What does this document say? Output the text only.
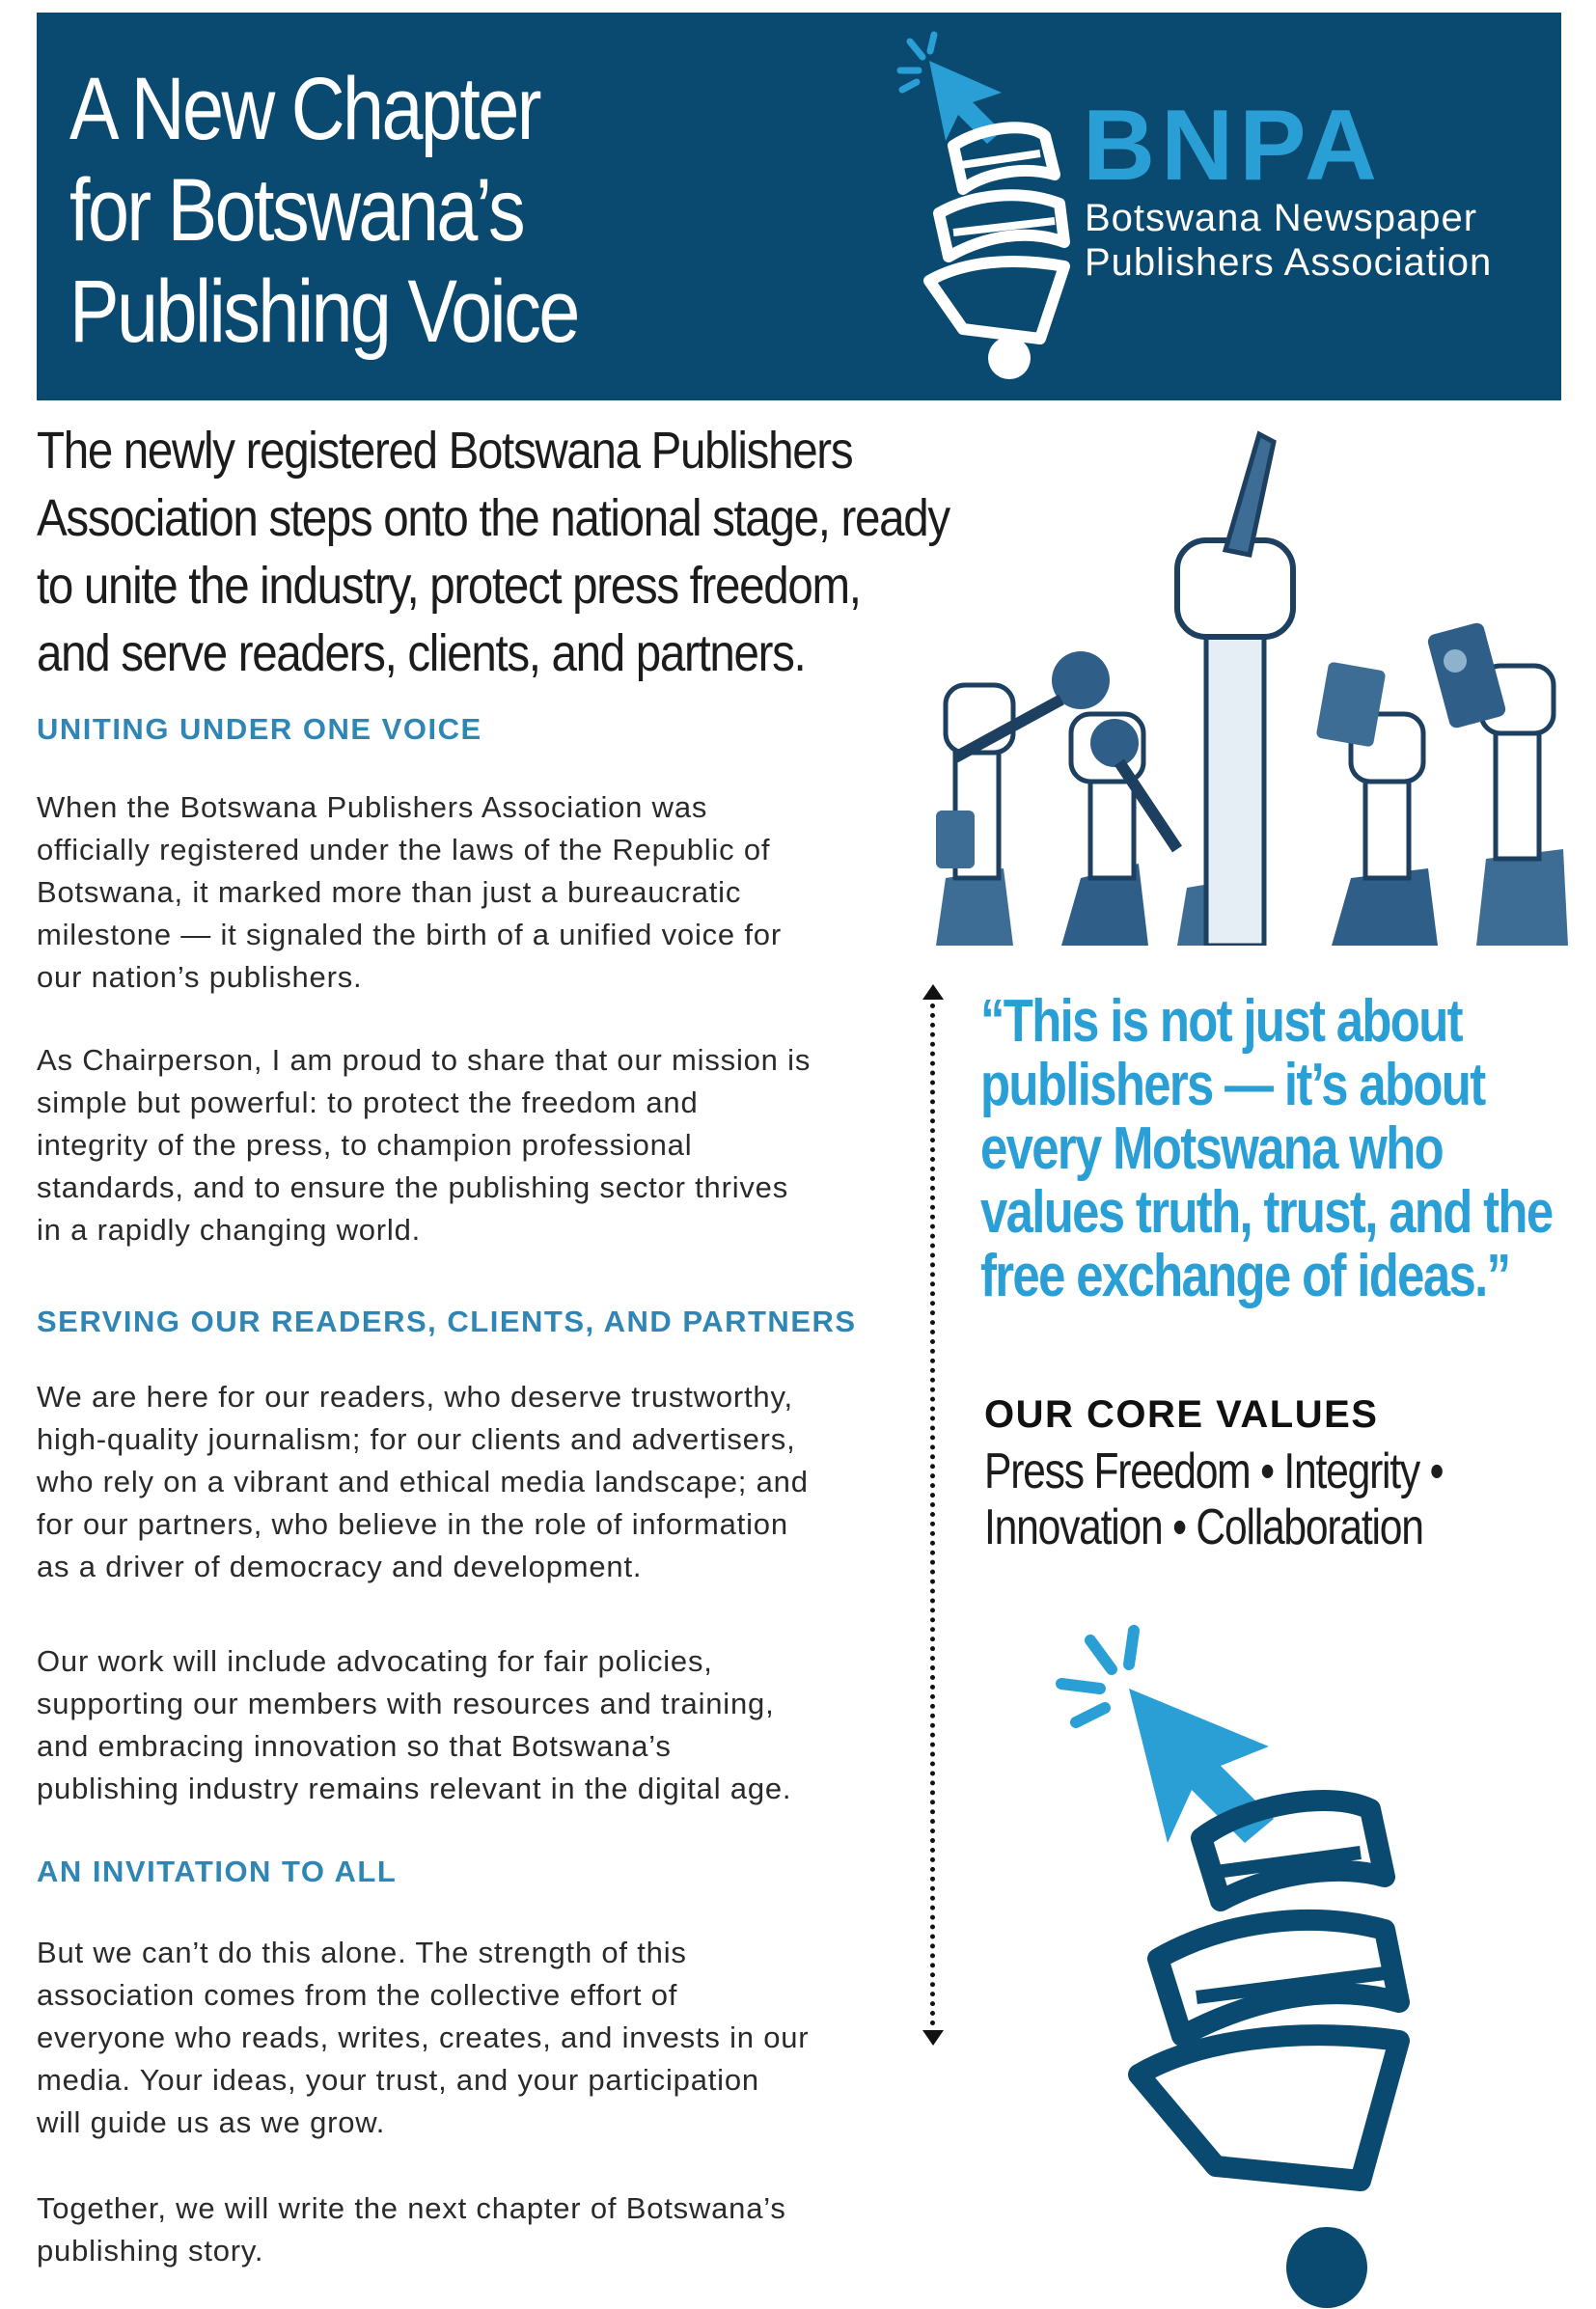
A New Chapter
for Botswana’s
Publishing Voice
BNPA
Botswana Newspaper
Publishers Association
The newly registered Botswana Publishers
Association steps onto the national stage, ready
to unite the industry, protect press freedom,
and serve readers, clients, and partners.
UNITING UNDER ONE VOICE
When the Botswana Publishers Association was
officially registered under the laws of the Republic of
Botswana, it marked more than just a bureaucratic
milestone — it signaled the birth of a unified voice for
our nation’s publishers.
As Chairperson, I am proud to share that our mission is
simple but powerful: to protect the freedom and
integrity of the press, to champion professional
standards, and to ensure the publishing sector thrives
in a rapidly changing world.
SERVING OUR READERS, CLIENTS, AND PARTNERS
We are here for our readers, who deserve trustworthy,
high-quality journalism; for our clients and advertisers,
who rely on a vibrant and ethical media landscape; and
for our partners, who believe in the role of information
as a driver of democracy and development.
Our work will include advocating for fair policies,
supporting our members with resources and training,
and embracing innovation so that Botswana’s
publishing industry remains relevant in the digital age.
AN INVITATION TO ALL
But we can’t do this alone. The strength of this
association comes from the collective effort of
everyone who reads, writes, creates, and invests in our
media. Your ideas, your trust, and your participation
will guide us as we grow.
Together, we will write the next chapter of Botswana’s
publishing story.
“This is not just about
publishers — it’s about
every Motswana who
values truth, trust, and the
free exchange of ideas.”
OUR CORE VALUES
Press Freedom • Integrity •
Innovation • Collaboration
